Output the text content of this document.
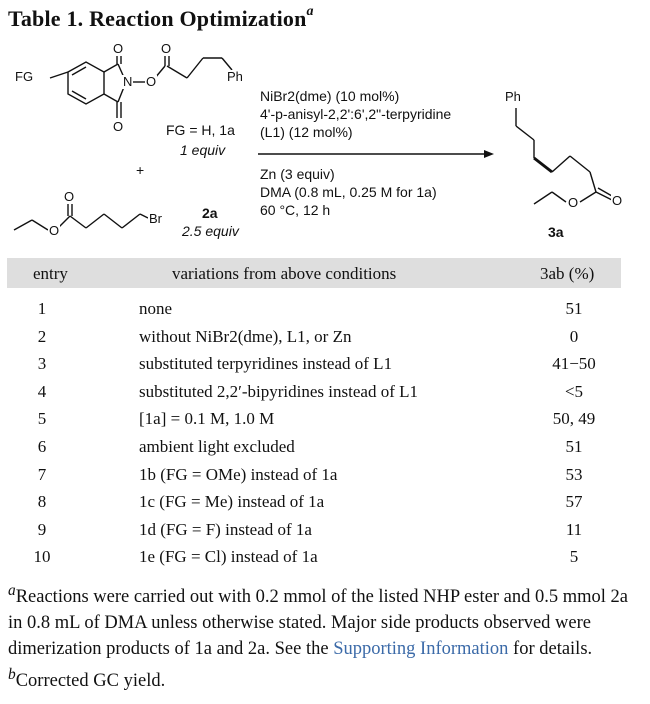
Table 1. Reaction Optimization$^a$
FG
O
O
N O
O
Ph
FG = H, 1a
1 equiv
+
O
O
Br	2a
2.5 equiv
NiBr2(dme) (10 mol%)
4'-p-anisyl-2,2':6',2"-terpyridine
(L1) (12 mol%)
Zn (3 equiv)
DMA (0.8 mL, 0.25 M for 1a)
60 °C, 12 h
Ph
O
O
3a
entry	variations from above conditions	3ab (%)
1	none	51
2	without NiBr2(dme), L1, or Zn	0
3	substituted terpyridines instead of L1	41−50
4	substituted 2,2′-bipyridines instead of L1	<5
5	[1a] = 0.1 M, 1.0 M	50, 49
6	ambient light excluded	51
7	1b (FG = OMe) instead of 1a	53
8	1c (FG = Me) instead of 1a	57
9	1d (FG = F) instead of 1a	11
10	1e (FG = Cl) instead of 1a	5
$^a$Reactions were carried out with 0.2 mmol of the listed NHP ester and 0.5 mmol 2a in 0.8 mL of DMA unless otherwise stated. Major side products observed were dimerization products of 1a and 2a. See the Supporting Information for details. $^b$Corrected GC yield.
